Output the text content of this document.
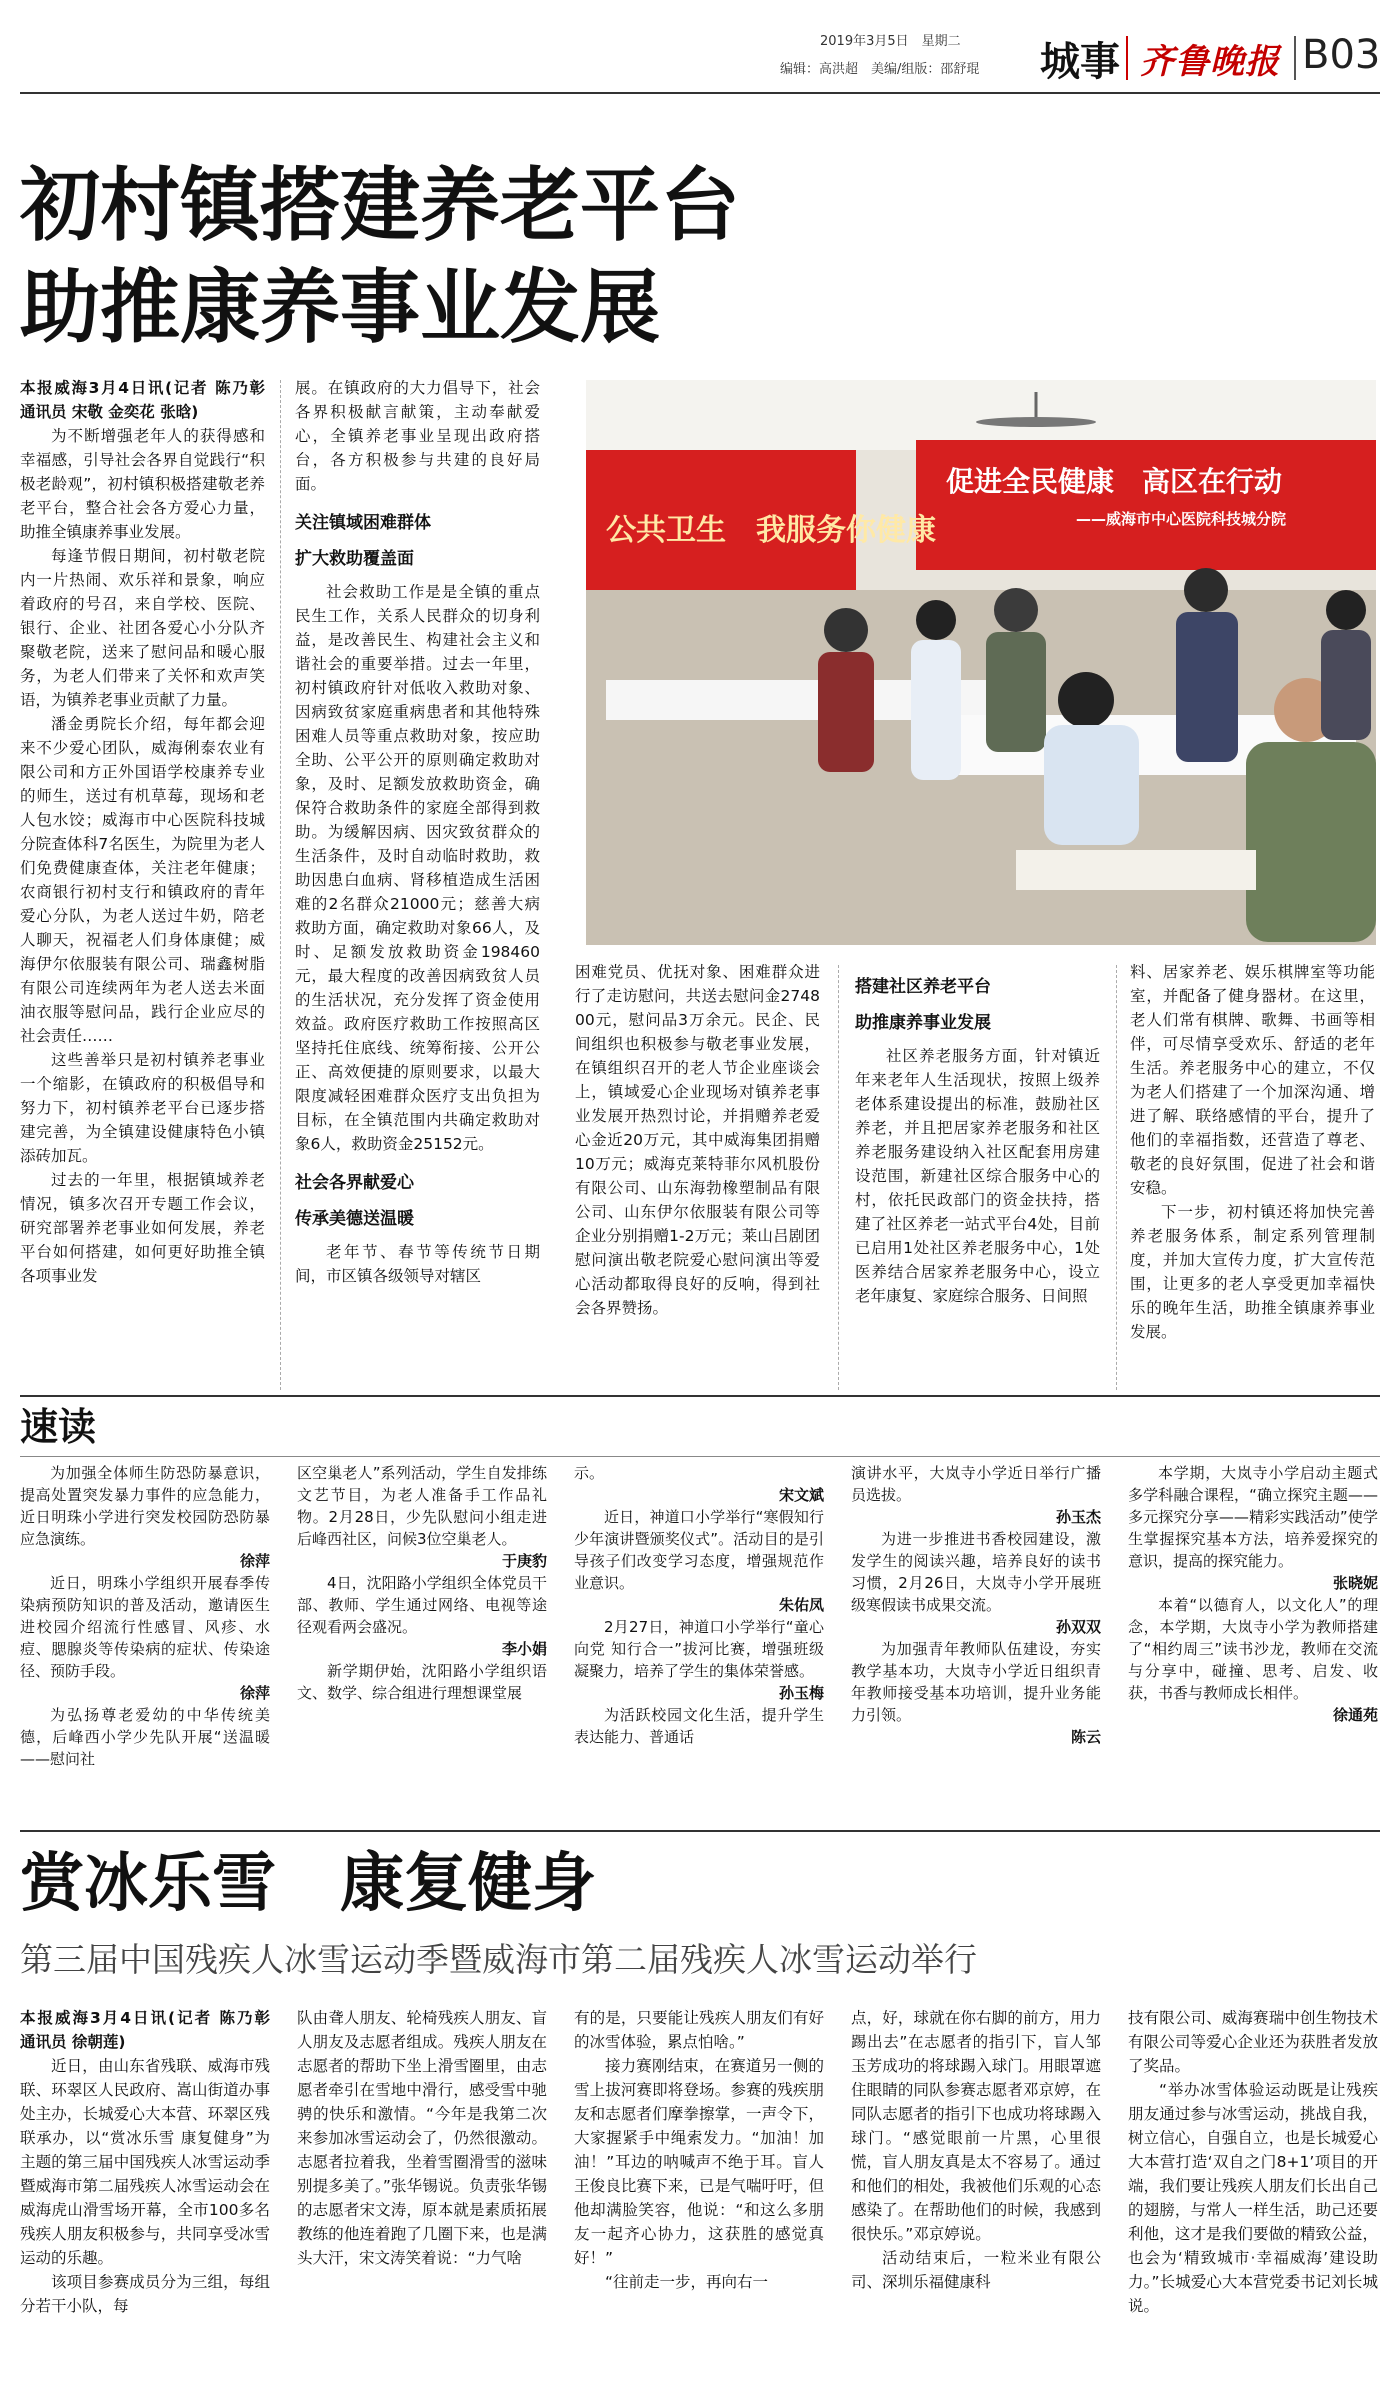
2019年3月5日　星期二
编辑：高洪超　美编/组版：邵舒琨 城事 齐鲁晚报 B03
初村镇搭建养老平台
助推康养事业发展

本报威海3月4日讯(记者 陈乃彰　通讯员 宋敬 金奕花 张晗)

为不断增强老年人的获得感和幸福感，引导社会各界自觉践行“积极老龄观”，初村镇积极搭建敬老养老平台，整合社会各方爱心力量，助推全镇康养事业发展。

每逢节假日期间，初村敬老院内一片热闹、欢乐祥和景象，响应着政府的号召，来自学校、医院、银行、企业、社团各爱心小分队齐聚敬老院，送来了慰问品和暖心服务，为老人们带来了关怀和欢声笑语，为镇养老事业贡献了力量。

潘金勇院长介绍，每年都会迎来不少爱心团队，威海俐泰农业有限公司和方正外国语学校康养专业的师生，送过有机草莓，现场和老人包水饺；威海市中心医院科技城分院查体科7名医生，为院里为老人们免费健康查体，关注老年健康；农商银行初村支行和镇政府的青年爱心分队，为老人送过牛奶，陪老人聊天，祝福老人们身体康健；威海伊尔依服装有限公司、瑞鑫树脂有限公司连续两年为老人送去米面油衣服等慰问品，践行企业应尽的社会责任……

这些善举只是初村镇养老事业一个缩影，在镇政府的积极倡导和努力下，初村镇养老平台已逐步搭建完善，为全镇建设健康特色小镇添砖加瓦。

过去的一年里，根据镇域养老情况，镇多次召开专题工作会议，研究部署养老事业如何发展，养老平台如何搭建，如何更好助推全镇各项事业发

展。在镇政府的大力倡导下，社会各界积极献言献策，主动奉献爱心，全镇养老事业呈现出政府搭台，各方积极参与共建的良好局面。

关注镇域困难群体

扩大救助覆盖面

社会救助工作是是全镇的重点民生工作，关系人民群众的切身利益，是改善民生、构建社会主义和谐社会的重要举措。过去一年里，初村镇政府针对低收入救助对象、因病致贫家庭重病患者和其他特殊困难人员等重点救助对象，按应助全助、公平公开的原则确定救助对象，及时、足额发放救助资金，确保符合救助条件的家庭全部得到救助。为缓解因病、因灾致贫群众的生活条件，及时自动临时救助，救助因患白血病、肾移植造成生活困难的2名群众21000元；慈善大病救助方面，确定救助对象66人，及时、足额发放救助资金198460元，最大程度的改善因病致贫人员的生活状况，充分发挥了资金使用效益。政府医疗救助工作按照高区坚持托住底线、统筹衔接、公开公正、高效便捷的原则要求，以最大限度减轻困难群众医疗支出负担为目标，在全镇范围内共确定救助对象6人，救助资金25152元。

社会各界献爱心

传承美德送温暖

老年节、春节等传统节日期间，市区镇各级领导对辖区

公共卫生　我服务你健康
促进全民健康　高区在行动
——威海市中心医院科技城分院

困难党员、优抚对象、困难群众进行了走访慰问，共送去慰问金274800元，慰问品3万余元。民企、民间组织也积极参与敬老事业发展，在镇组织召开的老人节企业座谈会上，镇域爱心企业现场对镇养老事业发展开热烈讨论，并捐赠养老爱心金近20万元，其中威海集团捐赠10万元；威海克莱特菲尔风机股份有限公司、山东海勃橡塑制品有限公司、山东伊尔依服装有限公司等企业分别捐赠1-2万元；莱山吕剧团慰问演出敬老院爱心慰问演出等爱心活动都取得良好的反响，得到社会各界赞扬。

搭建社区养老平台

助推康养事业发展

社区养老服务方面，针对镇近年来老年人生活现状，按照上级养老体系建设提出的标准，鼓励社区养老，并且把居家养老服务和社区养老服务建设纳入社区配套用房建设范围，新建社区综合服务中心的村，依托民政部门的资金扶持，搭建了社区养老一站式平台4处，目前已启用1处社区养老服务中心，1处医养结合居家养老服务中心，设立老年康复、家庭综合服务、日间照

料、居家养老、娱乐棋牌室等功能室，并配备了健身器材。在这里，老人们常有棋牌、歌舞、书画等相伴，可尽情享受欢乐、舒适的老年生活。养老服务中心的建立，不仅为老人们搭建了一个加深沟通、增进了解、联络感情的平台，提升了他们的幸福指数，还营造了尊老、敬老的良好氛围，促进了社会和谐安稳。

下一步，初村镇还将加快完善养老服务体系，制定系列管理制度，并加大宣传力度，扩大宣传范围，让更多的老人享受更加幸福快乐的晚年生活，助推全镇康养事业发展。

速读

为加强全体师生防恐防暴意识，提高处置突发暴力事件的应急能力，近日明珠小学进行突发校园防恐防暴应急演练。

徐萍

近日，明珠小学组织开展春季传染病预防知识的普及活动，邀请医生进校园介绍流行性感冒、风疹、水痘、腮腺炎等传染病的症状、传染途径、预防手段。

徐萍

为弘扬尊老爱幼的中华传统美德，后峰西小学少先队开展“送温暖——慰问社

区空巢老人”系列活动，学生自发排练文艺节目，为老人准备手工作品礼物。2月28日，少先队慰问小组走进后峰西社区，问候3位空巢老人。

于庚豹

4日，沈阳路小学组织全体党员干部、教师、学生通过网络、电视等途径观看两会盛况。

李小娟

新学期伊始，沈阳路小学组织语文、数学、综合组进行理想课堂展

示。

宋文斌

近日，神道口小学举行“寒假知行少年演讲暨颁奖仪式”。活动目的是引导孩子们改变学习态度，增强规范作业意识。

朱佑凤

2月27日，神道口小学举行“童心向党 知行合一”拔河比赛，增强班级凝聚力，培养了学生的集体荣誉感。

孙玉梅

为活跃校园文化生活，提升学生表达能力、普通话

演讲水平，大岚寺小学近日举行广播员选拔。

孙玉杰

为进一步推进书香校园建设，激发学生的阅读兴趣，培养良好的读书习惯，2月26日，大岚寺小学开展班级寒假读书成果交流。

孙双双

为加强青年教师队伍建设，夯实教学基本功，大岚寺小学近日组织青年教师接受基本功培训，提升业务能力引领。

陈云

本学期，大岚寺小学启动主题式多学科融合课程，“确立探究主题——多元探究分享——精彩实践活动”使学生掌握探究基本方法，培养爱探究的意识，提高的探究能力。

张晓妮

本着“以德育人，以文化人”的理念，本学期，大岚寺小学为教师搭建了“相约周三”读书沙龙，教师在交流与分享中，碰撞、思考、启发、收获，书香与教师成长相伴。

徐通苑

赏冰乐雪　康复健身
第三届中国残疾人冰雪运动季暨威海市第二届残疾人冰雪运动举行

本报威海3月4日讯(记者 陈乃彰　通讯员 徐朝莲)

近日，由山东省残联、威海市残联、环翠区人民政府、嵩山街道办事处主办，长城爱心大本营、环翠区残联承办，以“赏冰乐雪 康复健身”为主题的第三届中国残疾人冰雪运动季暨威海市第二届残疾人冰雪运动会在威海虎山滑雪场开幕，全市100多名残疾人朋友积极参与，共同享受冰雪运动的乐趣。

该项目参赛成员分为三组，每组分若干小队，每

队由聋人朋友、轮椅残疾人朋友、盲人朋友及志愿者组成。残疾人朋友在志愿者的帮助下坐上滑雪圈里，由志愿者牵引在雪地中滑行，感受雪中驰骋的快乐和激情。“今年是我第二次来参加冰雪运动会了，仍然很激动。志愿者拉着我，坐着雪圈滑雪的滋味别提多美了。”张华锡说。负责张华锡的志愿者宋文涛，原本就是素质拓展教练的他连着跑了几圈下来，也是满头大汗，宋文涛笑着说：“力气啥

有的是，只要能让残疾人朋友们有好的冰雪体验，累点怕啥。”

接力赛刚结束，在赛道另一侧的雪上拔河赛即将登场。参赛的残疾朋友和志愿者们摩拳擦掌，一声令下，大家握紧手中绳索发力。“加油！加油！”耳边的呐喊声不绝于耳。盲人王俊良比赛下来，已是气喘吁吁，但他却满脸笑容，他说：“和这么多朋友一起齐心协力，这获胜的感觉真好！”

“往前走一步，再向右一

点，好，球就在你右脚的前方，用力踢出去”在志愿者的指引下，盲人邹玉芳成功的将球踢入球门。用眼罩遮住眼睛的同队参赛志愿者邓京婷，在同队志愿者的指引下也成功将球踢入球门。“感觉眼前一片黑，心里很慌，盲人朋友真是太不容易了。通过和他们的相处，我被他们乐观的心态感染了。在帮助他们的时候，我感到很快乐。”邓京婷说。

活动结束后，一粒米业有限公司、深圳乐福健康科

技有限公司、威海赛瑞中创生物技术有限公司等爱心企业还为获胜者发放了奖品。

“举办冰雪体验运动既是让残疾朋友通过参与冰雪运动，挑战自我，树立信心，自强自立，也是长城爱心大本营打造‘双自之门8+1’项目的开端，我们要让残疾人朋友们长出自己的翅膀，与常人一样生活，助己还要利他，这才是我们要做的精致公益，也会为‘精致城市·幸福威海’建设助力。”长城爱心大本营党委书记刘长城说。
